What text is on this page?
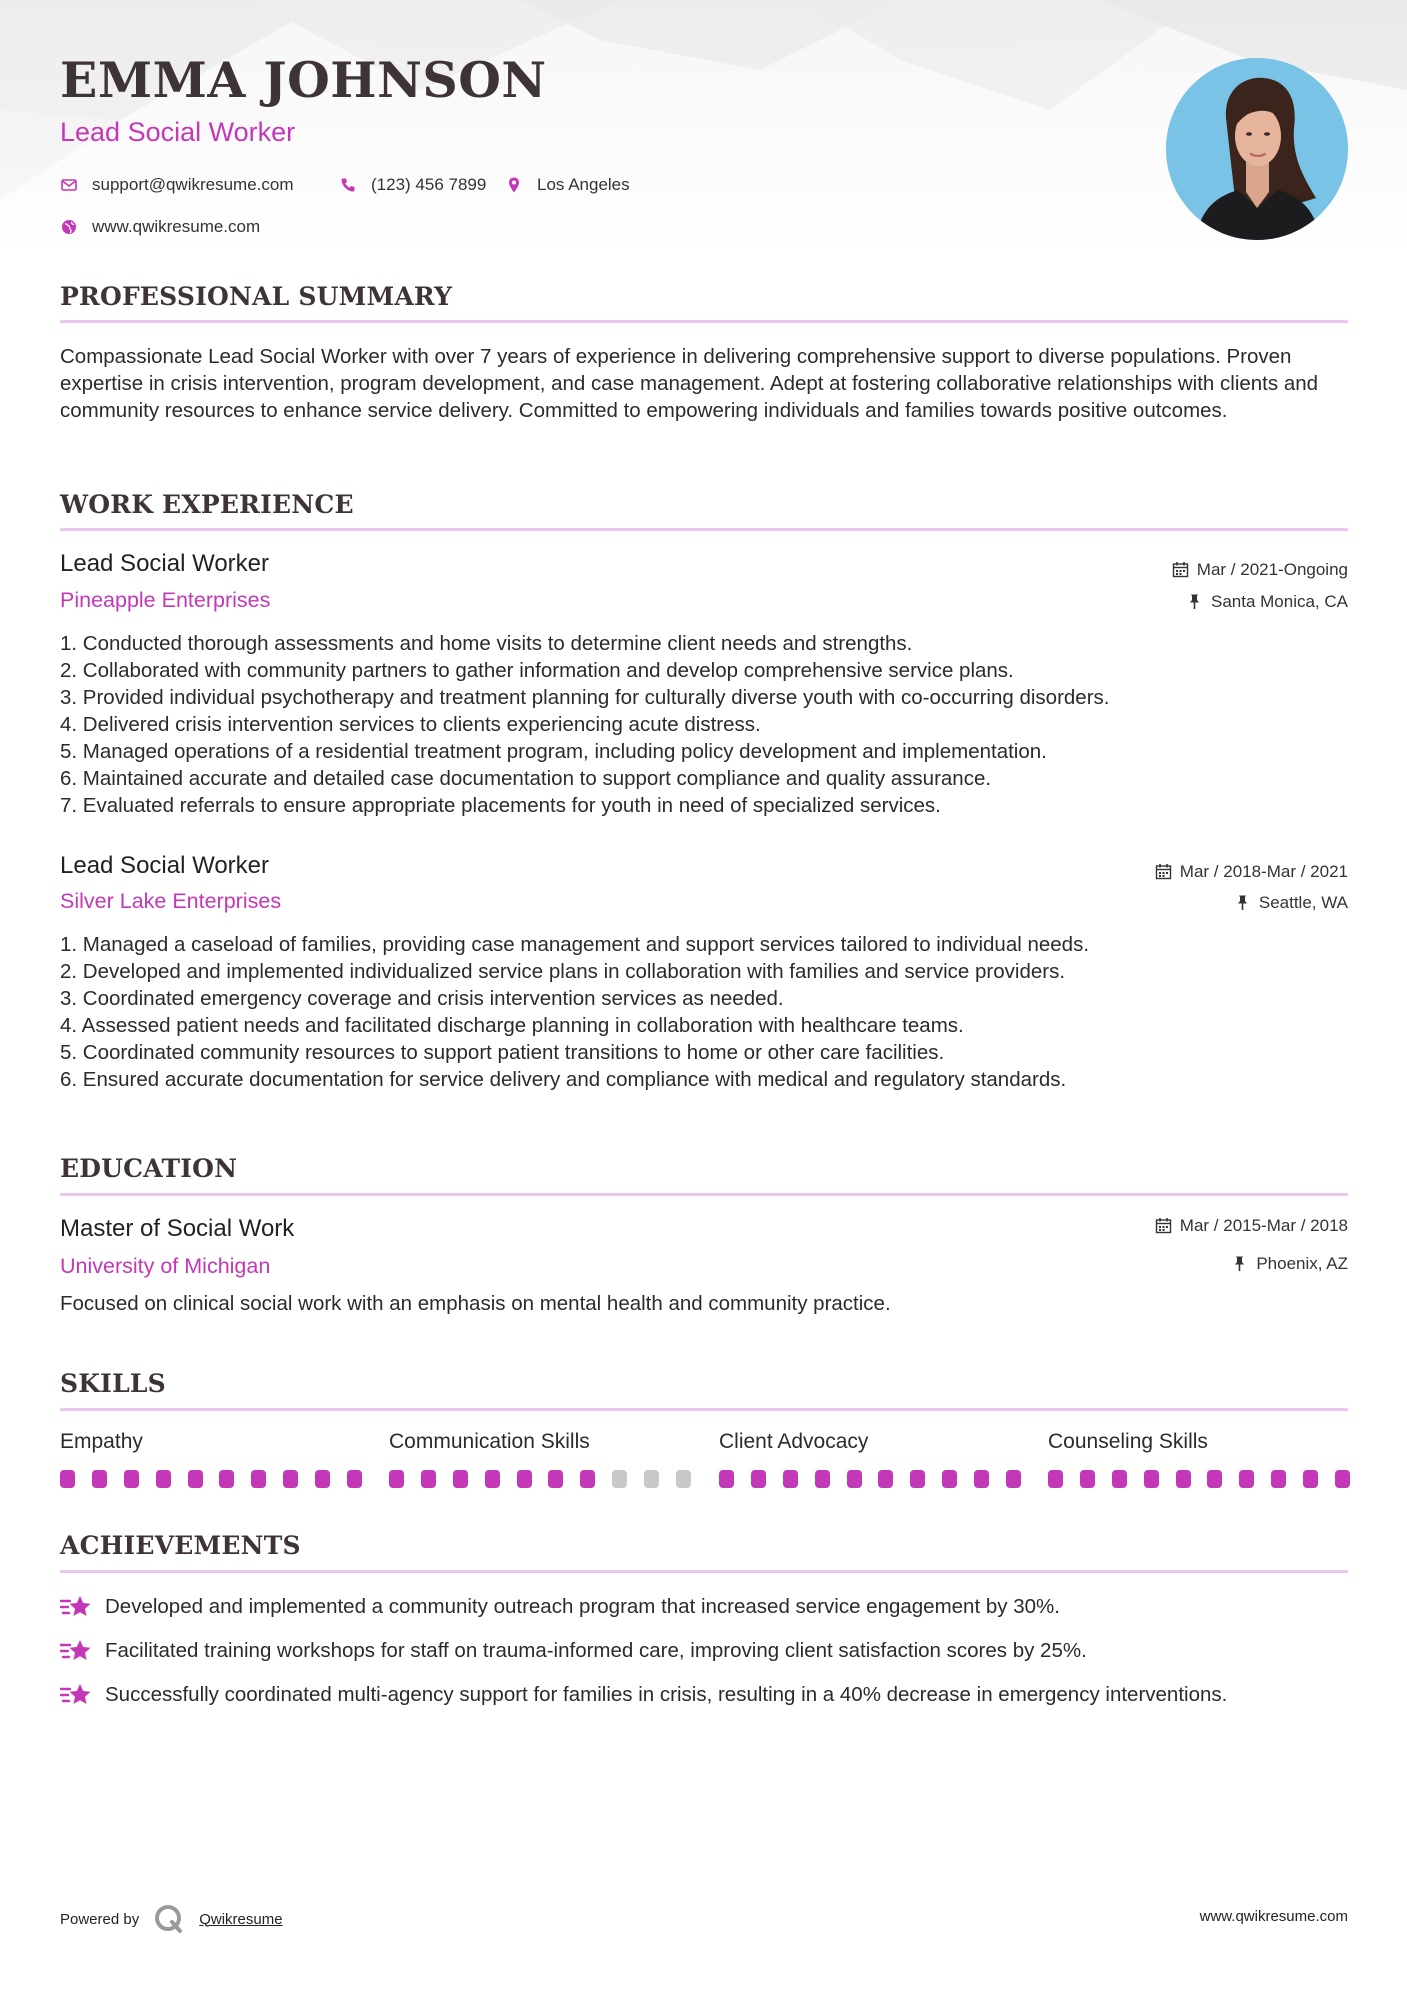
EMMA JOHNSON
Lead Social Worker
support@qwikresume.com	(123) 456 7899	Los Angeles
www.qwikresume.com
PROFESSIONAL SUMMARY

Compassionate Lead Social Worker with over 7 years of experience in delivering comprehensive support to diverse populations. Proven expertise in crisis intervention, program development, and case management. Adept at fostering collaborative relationships with clients and community resources to enhance service delivery. Committed to empowering individuals and families towards positive outcomes.

WORK EXPERIENCE
Lead Social Worker
Pineapple Enterprises
Mar / 2021-Ongoing
Santa Monica, CA
1. Conducted thorough assessments and home visits to determine client needs and strengths.
2. Collaborated with community partners to gather information and develop comprehensive service plans.
3. Provided individual psychotherapy and treatment planning for culturally diverse youth with co-occurring disorders.
4. Delivered crisis intervention services to clients experiencing acute distress.
5. Managed operations of a residential treatment program, including policy development and implementation.
6. Maintained accurate and detailed case documentation to support compliance and quality assurance.
7. Evaluated referrals to ensure appropriate placements for youth in need of specialized services.
Lead Social Worker
Silver Lake Enterprises
Mar / 2018-Mar / 2021
Seattle, WA
1. Managed a caseload of families, providing case management and support services tailored to individual needs.
2. Developed and implemented individualized service plans in collaboration with families and service providers.
3. Coordinated emergency coverage and crisis intervention services as needed.
4. Assessed patient needs and facilitated discharge planning in collaboration with healthcare teams.
5. Coordinated community resources to support patient transitions to home or other care facilities.
6. Ensured accurate documentation for service delivery and compliance with medical and regulatory standards.
EDUCATION
Master of Social Work
University of Michigan
Mar / 2015-Mar / 2018
Phoenix, AZ
Focused on clinical social work with an emphasis on mental health and community practice.
SKILLS
Empathy	Communication Skills	Client Advocacy	Counseling Skills
ACHIEVEMENTS
Developed and implemented a community outreach program that increased service engagement by 30%.
Facilitated training workshops for staff on trauma-informed care, improving client satisfaction scores by 25%.
Successfully coordinated multi-agency support for families in crisis, resulting in a 40% decrease in emergency interventions.
Powered by	Qwikresume	www.qwikresume.com
